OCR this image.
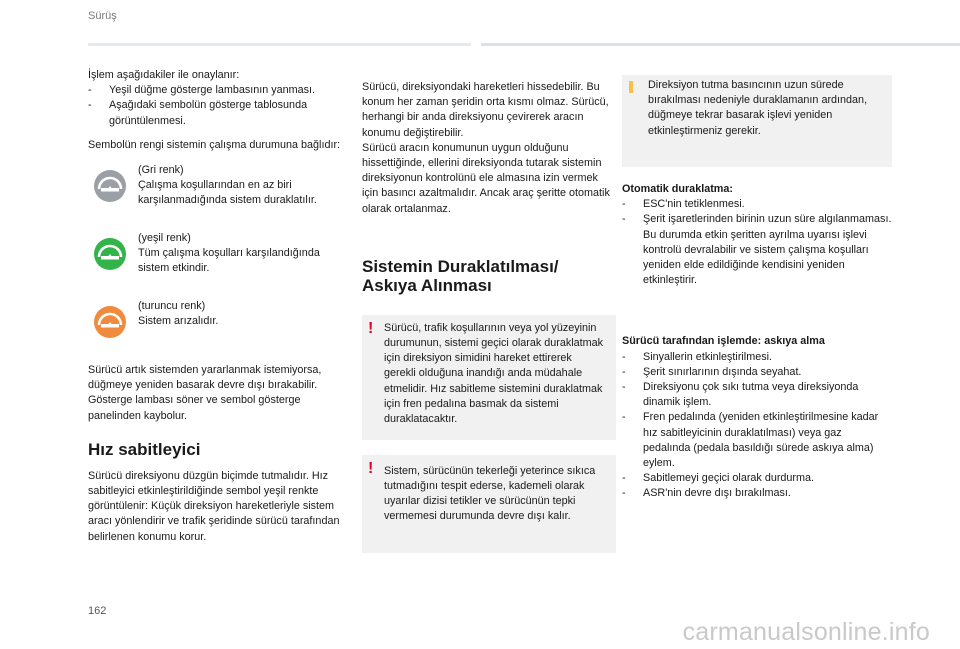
Sürüş

İşlem aşağıdakiler ile onaylanır:

- Yeşil düğme gösterge lambasının yanması.
- Aşağıdaki sembolün gösterge tablosunda görüntülenmesi.

Sembolün rengi sistemin çalışma durumuna bağlıdır:

(Gri renk)
Çalışma koşullarından en az biri karşılanmadığında sistem duraklatılır.
(yeşil renk)
Tüm çalışma koşulları karşılandığında sistem etkindir.
(turuncu renk)
Sistem arızalıdır.

Sürücü artık sistemden yararlanmak istemiyorsa, düğmeye yeniden basarak devre dışı bırakabilir.

Gösterge lambası söner ve sembol gösterge panelinden kaybolur.

Hız sabitleyici

Sürücü direksiyonu düzgün biçimde tutmalıdır. Hız sabitleyici etkinleştirildiğinde sembol yeşil renkte görüntülenir: Küçük direksiyon hareketleriyle sistem aracı yönlendirir ve trafik şeridinde sürücü tarafından belirlenen konumu korur.

Sürücü, direksiyondaki hareketleri hissedebilir. Bu konum her zaman şeridin orta kısmı olmaz. Sürücü, herhangi bir anda direksiyonu çevirerek aracın konumu değiştirebilir.

Sürücü aracın konumunun uygun olduğunu hissettiğinde, ellerini direksiyonda tutarak sistemin direksiyonun kontrolünü ele almasına izin vermek için basıncı azaltmalıdır. Ancak araç şeritte otomatik olarak ortalanmaz.

Sistemin Duraklatılması/
Askıya Alınması
! Sürücü, trafik koşullarının veya yol yüzeyinin durumunun, sistemi geçici olarak duraklatmak için direksiyon simidini hareket ettirerek gerekli olduğuna inandığı anda müdahale etmelidir. Hız sabitleme sistemini duraklatmak için fren pedalına basmak da sistemi duraklatacaktır.

! Sistem, sürücünün tekerleği yeterince sıkıca tutmadığını tespit ederse, kademeli olarak uyarılar dizisi tetikler ve sürücünün tepki vermemesi durumunda devre dışı kalır.

Direksiyon tutma basıncının uzun sürede bırakılması nedeniyle duraklamanın ardından, düğmeye tekrar basarak işlevi yeniden etkinleştirmeniz gerekir.

Otomatik duraklatma:

- ESC'nin tetiklenmesi.
- Şerit işaretlerinden birinin uzun süre algılanmaması. Bu durumda etkin şeritten ayrılma uyarısı işlevi kontrolü devralabilir ve sistem çalışma koşulları yeniden elde edildiğinde kendisini yeniden etkinleştirir.

Sürücü tarafından işlemde: askıya alma

- Sinyallerin etkinleştirilmesi.
- Şerit sınırlarının dışında seyahat.
- Direksiyonu çok sıkı tutma veya direksiyonda dinamik işlem.
- Fren pedalında (yeniden etkinleştirilmesine kadar hız sabitleyicinin duraklatılması) veya gaz pedalında (pedala basıldığı sürede askıya alma) eylem.
- Sabitlemeyi geçici olarak durdurma.
- ASR'nin devre dışı bırakılması.
162
carmanualsonline.info
